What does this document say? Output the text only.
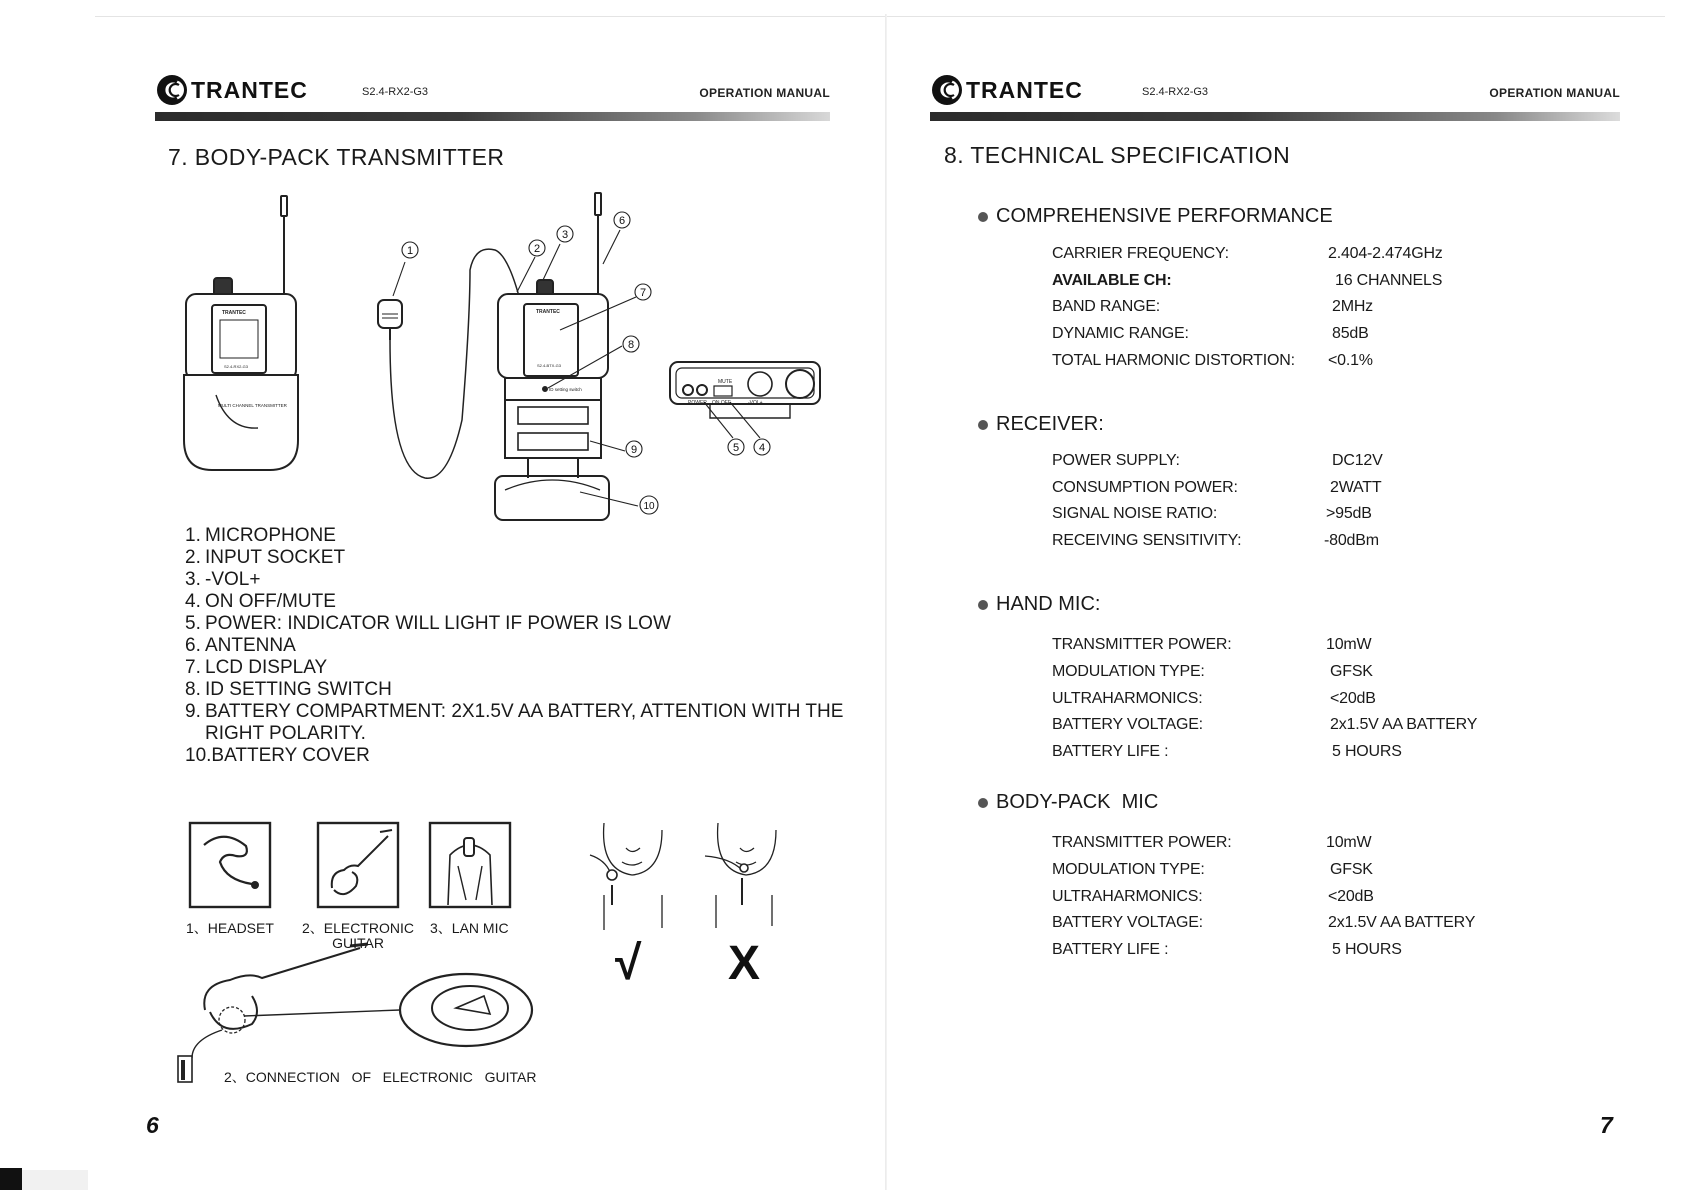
TRANTEC	S2.4-RX2-G3	OPERATION MANUAL
7. BODY-PACK TRANSMITTER
1	2
3
4
5
6
7
8
9
10
TRANTEC
S2.4-RX2-G3
MULTI CHANNEL TRANSMITTER
TRANTEC
S2.4-BTX-G3
ID setting switch
MUTE
POWER ON OFF	-VOL+
1. MICROPHONE
2. INPUT SOCKET
3. -VOL+
4. ON OFF/MUTE
5. POWER: INDICATOR WILL LIGHT IF POWER IS LOW
6. ANTENNA
7. LCD DISPLAY
8. ID SETTING SWITCH
9. BATTERY COMPARTMENT: 2X1.5V AA BATTERY, ATTENTION WITH THE
RIGHT POLARITY.
10. BATTERY COVER
1、HEADSET 2、ELECTRONIC
GUITAR
3、LAN MIC
√ X
2、CONNECTION   OF   ELECTRONIC   GUITAR
6
TRANTEC	S2.4-RX2-G3	OPERATION MANUAL
8. TECHNICAL SPECIFICATION
COMPREHENSIVE PERFORMANCE
CARRIER FREQUENCY:	2.404-2.474GHz
AVAILABLE CH:	16 CHANNELS
BAND RANGE:	2MHz
DYNAMIC RANGE:	85dB
TOTAL HARMONIC DISTORTION: <0.1%
RECEIVER:
POWER SUPPLY:	DC12V
CONSUMPTION POWER:	2WATT
SIGNAL NOISE RATIO:	>95dB
RECEIVING SENSITIVITY:	-80dBm
HAND MIC:
TRANSMITTER POWER:	10mW
MODULATION TYPE:	GFSK
ULTRAHARMONICS:	<20dB
BATTERY VOLTAGE:	2x1.5V AA BATTERY
BATTERY LIFE :	5 HOURS
BODY-PACK  MIC
TRANSMITTER POWER:	10mW
MODULATION TYPE:	GFSK
ULTRAHARMONICS:	<20dB
BATTERY VOLTAGE:	2x1.5V AA BATTERY
BATTERY LIFE :	5 HOURS
7
